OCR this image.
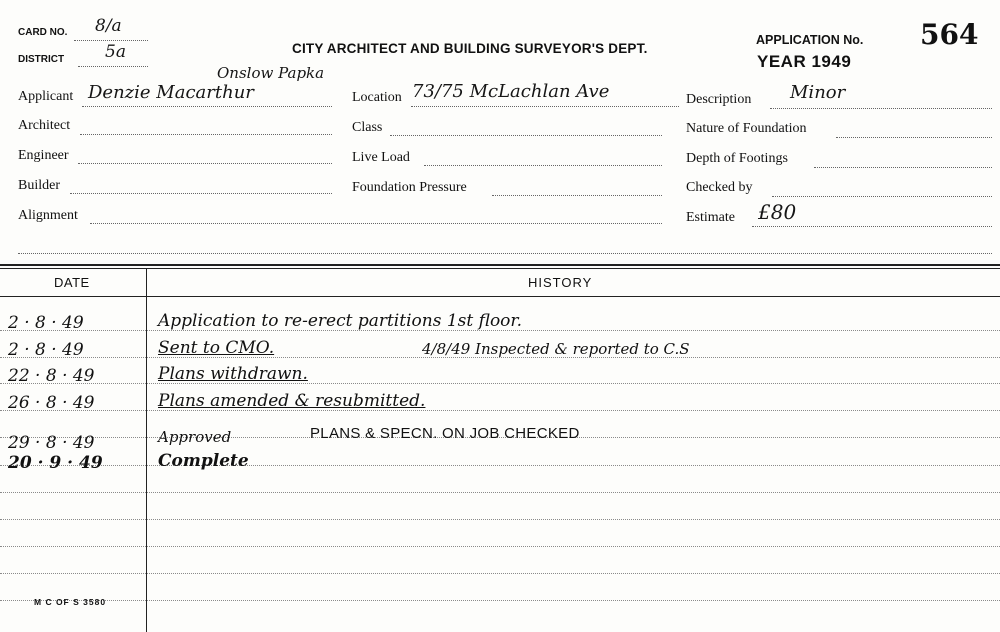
CARD NO. 8/a
DISTRICT 5a	CITY ARCHITECT AND BUILDING SURVEYOR'S DEPT.
APPLICATION No. 564
YEAR 1949
Applicant Denzie Macarthur
Onslow Papka
Location 73/75 McLachlan Ave	Description Minor
Architect	Class	Nature of Foundation
Engineer	Live Load	Depth of Footings
Builder	Foundation Pressure	Checked by
Alignment	Estimate £80
DATE	HISTORY
2 · 8 · 49	Application to re-erect partitions 1st floor.
2 · 8 · 49	Sent to CMO.	4/8/49 Inspected & reported to C.S
22 · 8 · 49	Plans withdrawn.
26 · 8 · 49	Plans amended & resubmitted.
29 · 8 · 49	Approved	PLANS & SPECN. ON JOB CHECKED
20 · 9 · 49	Complete
M C OF S 3580
